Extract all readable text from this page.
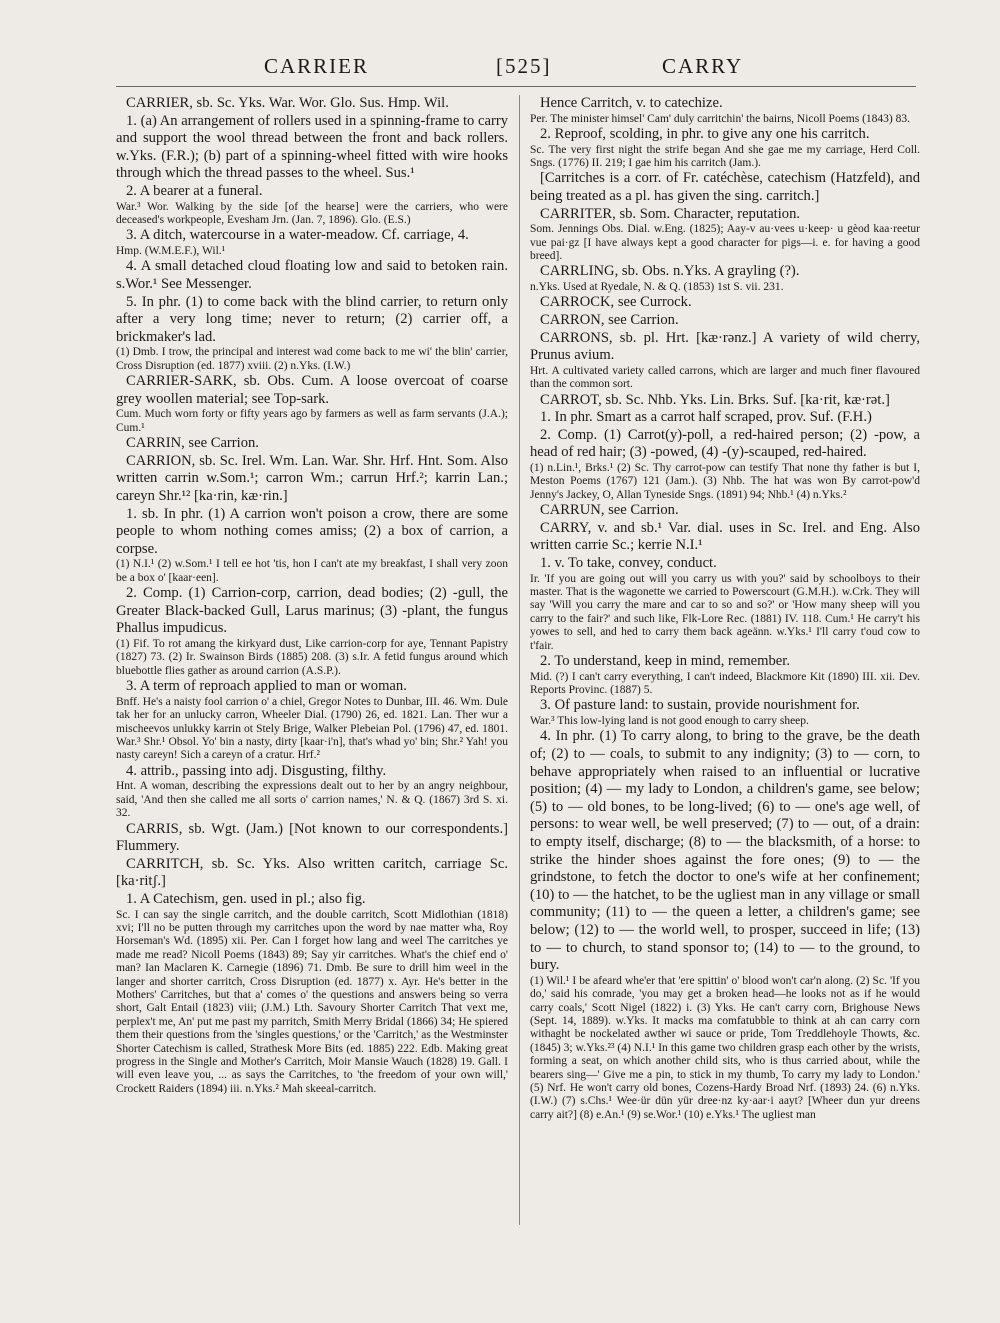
CARRIER	[525]	CARRY

CARRIER, sb. Sc. Yks. War. Wor. Glo. Sus. Hmp. Wil.

1. (a) An arrangement of rollers used in a spinning-frame to carry and support the wool thread between the front and back rollers. w.Yks. (F.R.); (b) part of a spinning-wheel fitted with wire hooks through which the thread passes to the wheel. Sus.¹

2. A bearer at a funeral.

War.³ Wor. Walking by the side [of the hearse] were the carriers, who were deceased's workpeople, Evesham Jrn. (Jan. 7, 1896). Glo. (E.S.)

3. A ditch, watercourse in a water-meadow. Cf. carriage, 4.

Hmp. (W.M.E.F.), Wil.¹

4. A small detached cloud floating low and said to betoken rain. s.Wor.¹ See Messenger.

5. In phr. (1) to come back with the blind carrier, to return only after a very long time; never to return; (2) carrier off, a brickmaker's lad.

(1) Dmb. I trow, the principal and interest wad come back to me wi' the blin' carrier, Cross Disruption (ed. 1877) xviii. (2) n.Yks. (I.W.)

CARRIER-SARK, sb. Obs. Cum. A loose overcoat of coarse grey woollen material; see Top-sark.

Cum. Much worn forty or fifty years ago by farmers as well as farm servants (J.A.); Cum.¹

CARRIN, see Carrion.

CARRION, sb. Sc. Irel. Wm. Lan. War. Shr. Hrf. Hnt. Som. Also written carrin w.Som.¹; carron Wm.; carrun Hrf.²; karrin Lan.; careyn Shr.¹² [ka·rin, kæ·rin.]

1. sb. In phr. (1) A carrion won't poison a crow, there are some people to whom nothing comes amiss; (2) a box of carrion, a corpse.

(1) N.I.¹ (2) w.Som.¹ I tell ee hot 'tis, hon I can't ate my breakfast, I shall very zoon be a box o' [kaar·een].

2. Comp. (1) Carrion-corp, carrion, dead bodies; (2) -gull, the Greater Black-backed Gull, Larus marinus; (3) -plant, the fungus Phallus impudicus.

(1) Fif. To rot amang the kirkyard dust, Like carrion-corp for aye, Tennant Papistry (1827) 73. (2) Ir. Swainson Birds (1885) 208. (3) s.Ir. A fetid fungus around which bluebottle flies gather as around carrion (A.S.P.).

3. A term of reproach applied to man or woman.

Bnff. He's a naisty fool carrion o' a chiel, Gregor Notes to Dunbar, III. 46. Wm. Dule tak her for an unlucky carron, Wheeler Dial. (1790) 26, ed. 1821. Lan. Ther wur a mischeevos unlukky karrin ot Stely Brige, Walker Plebeian Pol. (1796) 47, ed. 1801. War.³ Shr.¹ Obsol. Yo' bin a nasty, dirty [kaar·i'n], that's whad yo' bin; Shr.² Yah! you nasty careyn! Sich a careyn of a cratur. Hrf.²

4. attrib., passing into adj. Disgusting, filthy.

Hnt. A woman, describing the expressions dealt out to her by an angry neighbour, said, 'And then she called me all sorts o' carrion names,' N. & Q. (1867) 3rd S. xi. 32.

CARRIS, sb. Wgt. (Jam.) [Not known to our correspondents.] Flummery.

CARRITCH, sb. Sc. Yks. Also written caritch, carriage Sc. [ka·ritʃ.]

1. A Catechism, gen. used in pl.; also fig.

Sc. I can say the single carritch, and the double carritch, Scott Midlothian (1818) xvi; I'll no be putten through my carritches upon the word by nae matter wha, Roy Horseman's Wd. (1895) xii. Per. Can I forget how lang and weel The carritches ye made me read? Nicoll Poems (1843) 89; Say yir carritches. What's the chief end o' man? Ian Maclaren K. Carnegie (1896) 71. Dmb. Be sure to drill him weel in the langer and shorter carritch, Cross Disruption (ed. 1877) x. Ayr. He's better in the Mothers' Carritches, but that a' comes o' the questions and answers being so verra short, Galt Entail (1823) viii; (J.M.) Lth. Savoury Shorter Carritch That vext me, perplex't me, An' put me past my parritch, Smith Merry Bridal (1866) 34; He spiered them their questions from the 'singles questions,' or the 'Carritch,' as the Westminster Shorter Catechism is called, Strathesk More Bits (ed. 1885) 222. Edb. Making great progress in the Single and Mother's Carritch, Moir Mansie Wauch (1828) 19. Gall. I will even leave you, ... as says the Carritches, to 'the freedom of your own will,' Crockett Raiders (1894) iii. n.Yks.² Mah skeeal-carritch.

Hence Carritch, v. to catechize.

Per. The minister himsel' Cam' duly carritchin' the bairns, Nicoll Poems (1843) 83.

2. Reproof, scolding, in phr. to give any one his carritch.

Sc. The very first night the strife began And she gae me my carriage, Herd Coll. Sngs. (1776) II. 219; I gae him his carritch (Jam.).

[Carritches is a corr. of Fr. catéchèse, catechism (Hatzfeld), and being treated as a pl. has given the sing. carritch.]

CARRITER, sb. Som. Character, reputation.

Som. Jennings Obs. Dial. w.Eng. (1825); Aay-v au·vees u·keep· u gèod kaa·reetur vue pai·gz [I have always kept a good character for pigs—i. e. for having a good breed].

CARRLING, sb. Obs. n.Yks. A grayling (?).

n.Yks. Used at Ryedale, N. & Q. (1853) 1st S. vii. 231.

CARROCK, see Currock.

CARRON, see Carrion.

CARRONS, sb. pl. Hrt. [kæ·rənz.] A variety of wild cherry, Prunus avium.

Hrt. A cultivated variety called carrons, which are larger and much finer flavoured than the common sort.

CARROT, sb. Sc. Nhb. Yks. Lin. Brks. Suf. [ka·rit, kæ·rət.]

1. In phr. Smart as a carrot half scraped, prov. Suf. (F.H.)

2. Comp. (1) Carrot(y)-poll, a red-haired person; (2) -pow, a head of red hair; (3) -powed, (4) -(y)-scauped, red-haired.

(1) n.Lin.¹, Brks.¹ (2) Sc. Thy carrot-pow can testify That none thy father is but I, Meston Poems (1767) 121 (Jam.). (3) Nhb. The hat was won By carrot-pow'd Jenny's Jackey, O, Allan Tyneside Sngs. (1891) 94; Nhb.¹ (4) n.Yks.²

CARRUN, see Carrion.

CARRY, v. and sb.¹ Var. dial. uses in Sc. Irel. and Eng. Also written carrie Sc.; kerrie N.I.¹

1. v. To take, convey, conduct.

Ir. 'If you are going out will you carry us with you?' said by schoolboys to their master. That is the wagonette we carried to Powerscourt (G.M.H.). w.Crk. They will say 'Will you carry the mare and car to so and so?' or 'How many sheep will you carry to the fair?' and such like, Flk-Lore Rec. (1881) IV. 118. Cum.¹ He carry't his yowes to sell, and hed to carry them back ageänn. w.Yks.¹ I'll carry t'oud cow to t'fair.

2. To understand, keep in mind, remember.

Mid. (?) I can't carry everything, I can't indeed, Blackmore Kit (1890) III. xii. Dev. Reports Provinc. (1887) 5.

3. Of pasture land: to sustain, provide nourishment for.

War.³ This low-lying land is not good enough to carry sheep.

4. In phr. (1) To carry along, to bring to the grave, be the death of; (2) to — coals, to submit to any indignity; (3) to — corn, to behave appropriately when raised to an influential or lucrative position; (4) — my lady to London, a children's game, see below; (5) to — old bones, to be long-lived; (6) to — one's age well, of persons: to wear well, be well preserved; (7) to — out, of a drain: to empty itself, discharge; (8) to — the blacksmith, of a horse: to strike the hinder shoes against the fore ones; (9) to — the grindstone, to fetch the doctor to one's wife at her confinement; (10) to — the hatchet, to be the ugliest man in any village or small community; (11) to — the queen a letter, a children's game; see below; (12) to — the world well, to prosper, succeed in life; (13) to — to church, to stand sponsor to; (14) to — to the ground, to bury.

(1) Wil.¹ I be afeard whe'er that 'ere spittin' o' blood won't car'n along. (2) Sc. 'If you do,' said his comrade, 'you may get a broken head—he looks not as if he would carry coals,' Scott Nigel (1822) i. (3) Yks. He can't carry corn, Brighouse News (Sept. 14, 1889). w.Yks. It macks ma comfatubble to think at ah can carry corn withaght be nockelated awther wi sauce or pride, Tom Treddlehoyle Thowts, &c. (1845) 3; w.Yks.²³ (4) N.I.¹ In this game two children grasp each other by the wrists, forming a seat, on which another child sits, who is thus carried about, while the bearers sing—' Give me a pin, to stick in my thumb, To carry my lady to London.' (5) Nrf. He won't carry old bones, Cozens-Hardy Broad Nrf. (1893) 24. (6) n.Yks. (I.W.) (7) s.Chs.¹ Wee·ür dün yür dree·nz ky·aar·i aayt? [Wheer dun yur dreens carry ait?] (8) e.An.¹ (9) se.Wor.¹ (10) e.Yks.¹ The ugliest man
